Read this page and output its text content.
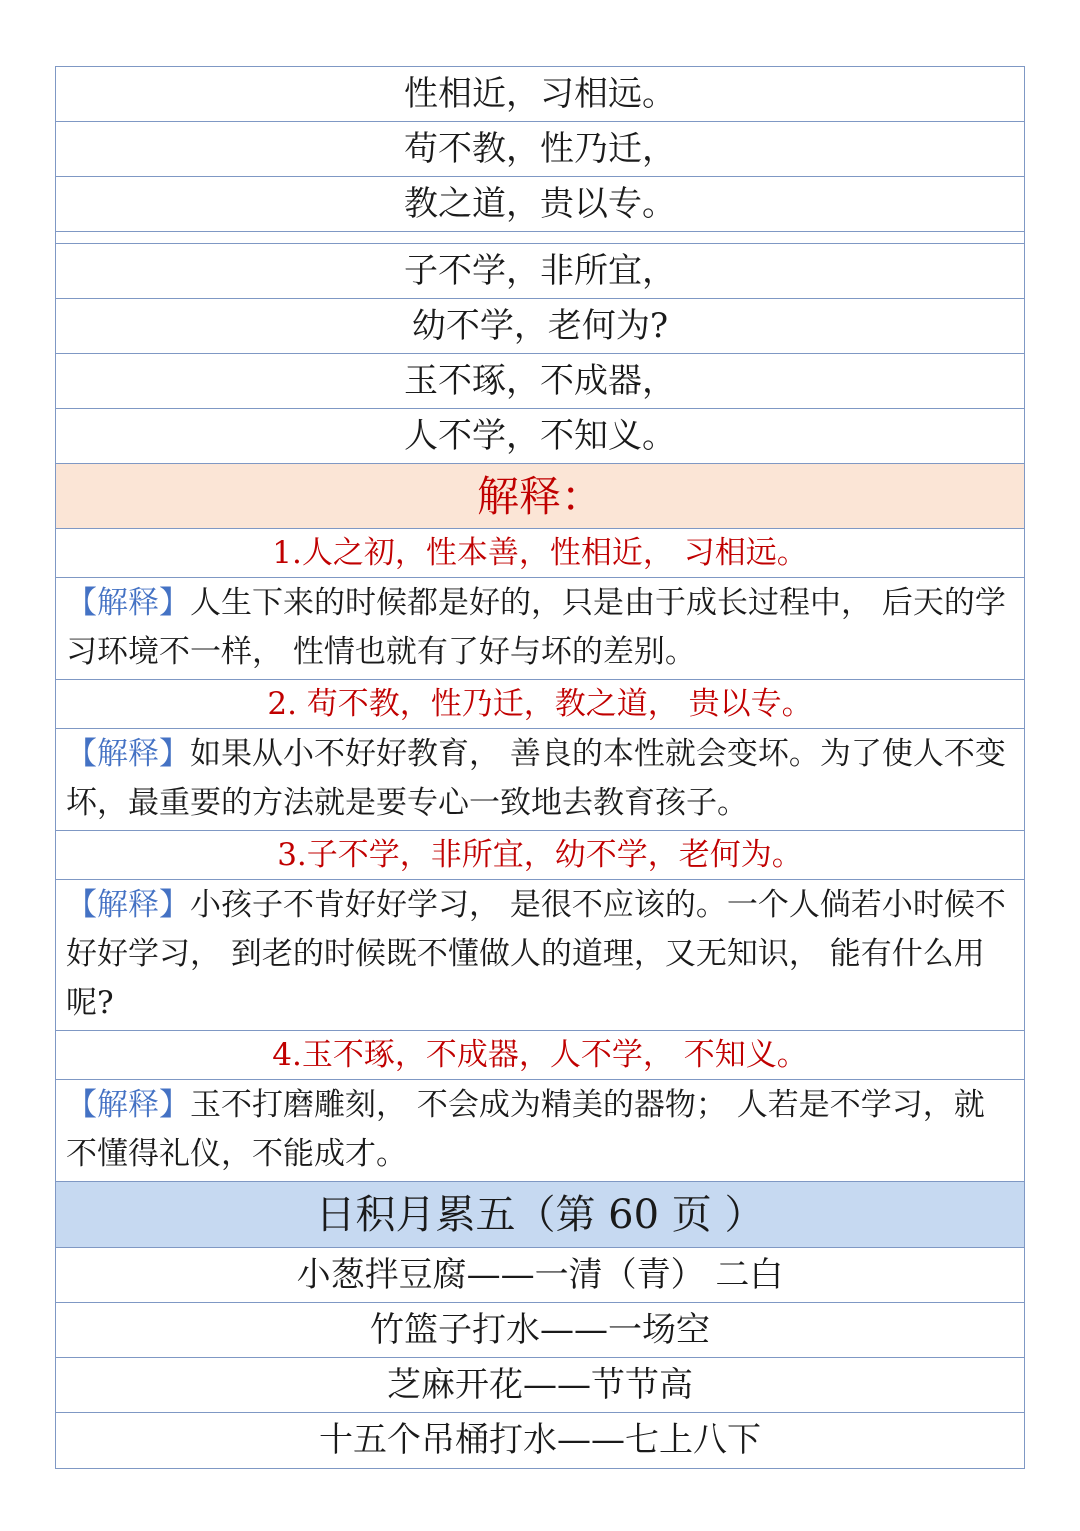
性相近，习相远。
苟不教，性乃迁，
教之道，贵以专。
子不学，非所宜，
幼不学，老何为?
玉不琢，不成器，
人不学，不知义。
解释：
1.人之初，性本善，性相近， 习相远。
【解释】人生下来的时候都是好的，只是由于成长过程中， 后天的学习环境不一样， 性情也就有了好与坏的差别。
2. 苟不教，性乃迁，教之道， 贵以专。
【解释】如果从小不好好教育， 善良的本性就会变坏。为了使人不变坏，最重要的方法就是要专心一致地去教育孩子。
3.子不学，非所宜，幼不学，老何为。
【解释】小孩子不肯好好学习， 是很不应该的。一个人倘若小时候不好好学习， 到老的时候既不懂做人的道理，又无知识， 能有什么用呢?
4.玉不琢，不成器，人不学， 不知义。
【解释】玉不打磨雕刻， 不会成为精美的器物； 人若是不学习，就不懂得礼仪，不能成才。
日积月累五（第 60 页 ）
小葱拌豆腐——一清（青） 二白
竹篮子打水——一场空
芝麻开花——节节高
十五个吊桶打水——七上八下
